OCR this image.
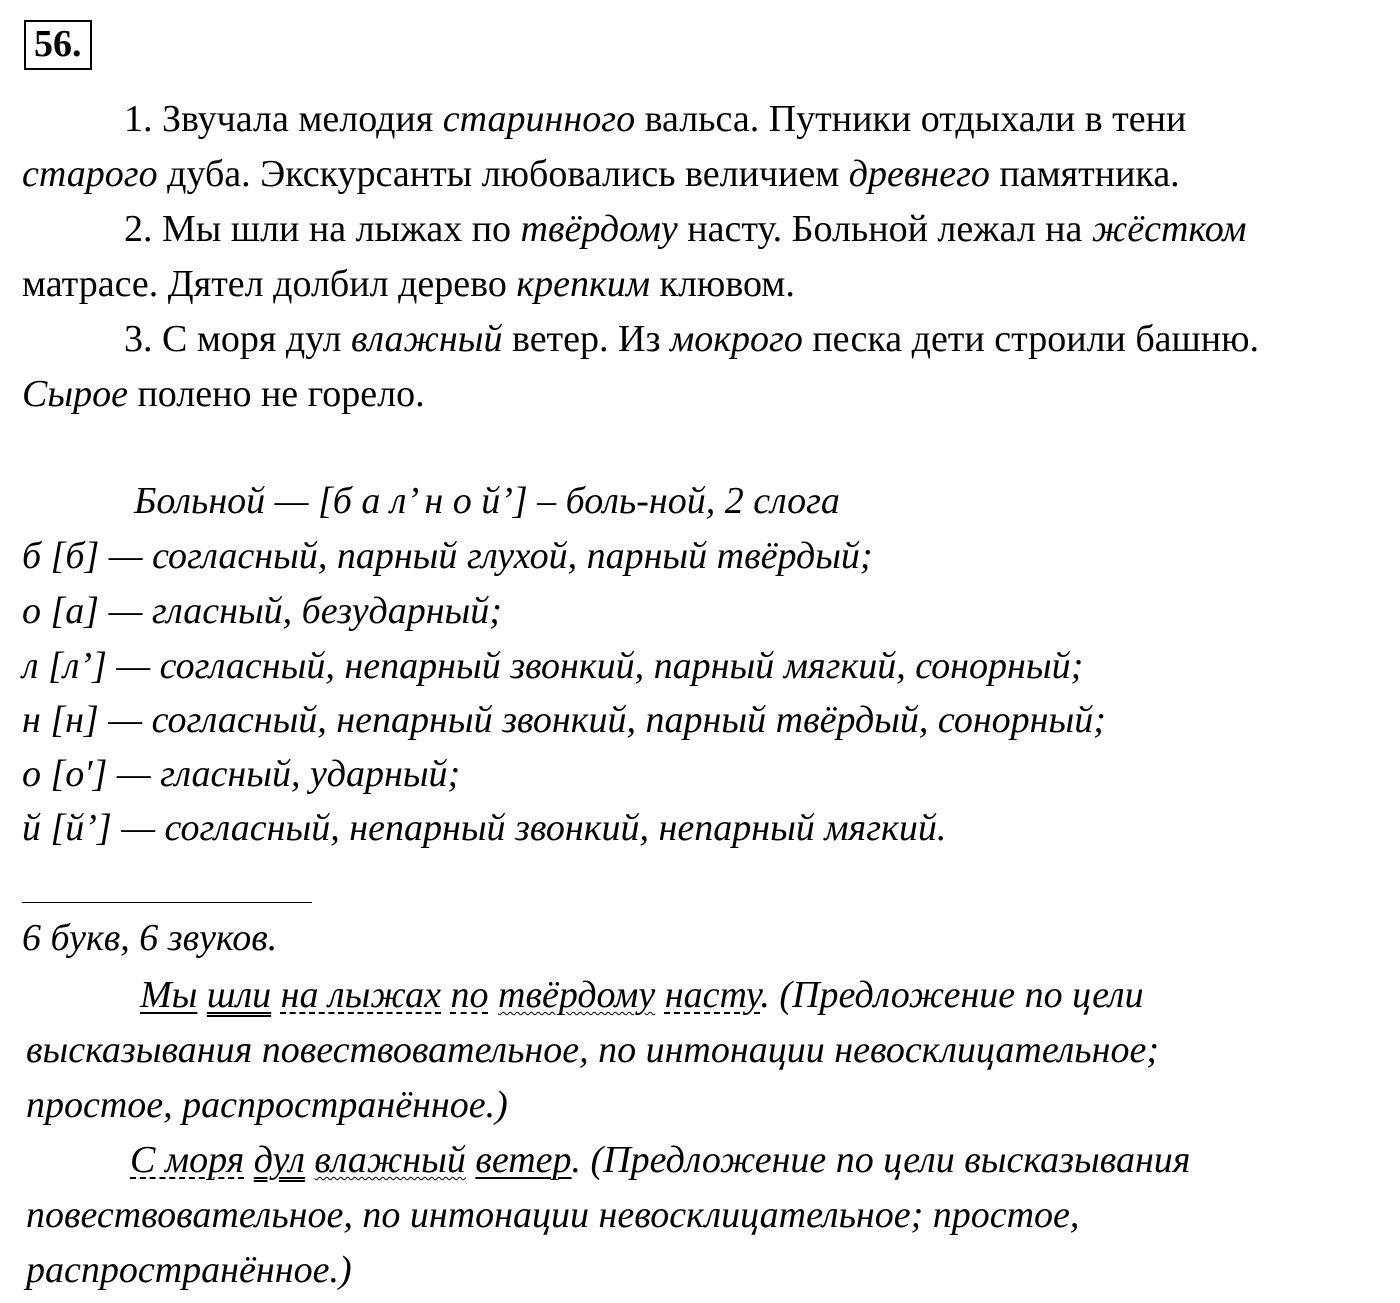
56.
1. Звучала мелодия старинного вальса. Путники отдыхали в тени
старого дуба. Экскурсанты любовались величием древнего памятника.
2. Мы шли на лыжах по твёрдому насту. Больной лежал на жёстком
матрасе. Дятел долбил дерево крепким клювом.
3. С моря дул влажный ветер. Из мокрого песка дети строили башню.
Сырое полено не горело.
Больной — [б а л’ н о й’] – боль-ной, 2 слога
б [б] — согласный, парный глухой, парный твёрдый;
о [а] — гласный, безударный;
л [л’] — согласный, непарный звонкий, парный мягкий, сонорный;
н [н] — согласный, непарный звонкий, парный твёрдый, сонорный;
о [о′] — гласный, ударный;
й [й’] — согласный, непарный звонкий, непарный мягкий.
6 букв, 6 звуков.
Мы шли на лыжах по твёрдому насту. (Предложение по цели
высказывания повествовательное, по интонации невосклицательное;
простое, распространённое.)
С моря дул влажный ветер. (Предложение по цели высказывания
повествовательное, по интонации невосклицательное; простое,
распространённое.)
